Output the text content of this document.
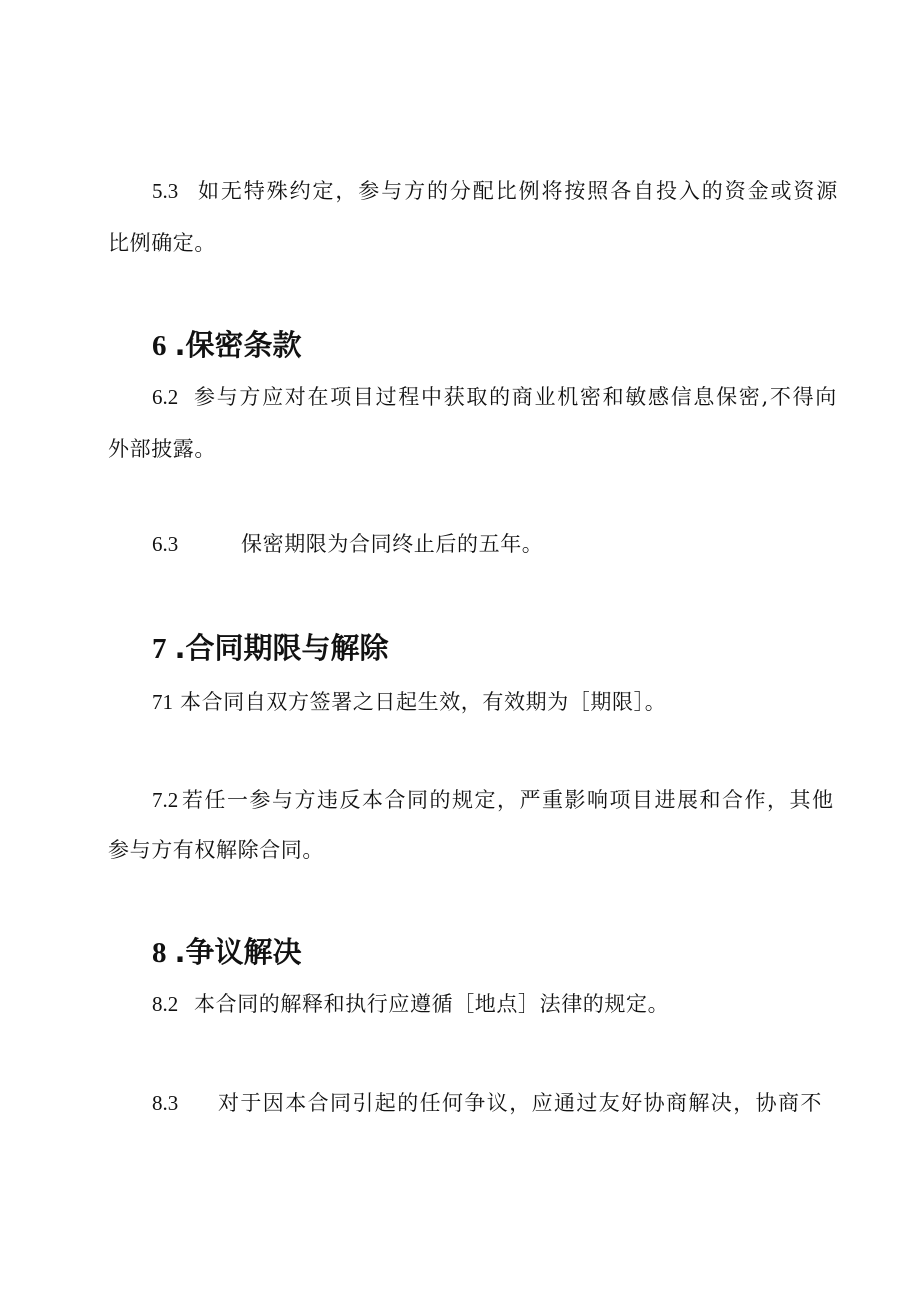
5.3 如无特殊约定，参与方的分配比例将按照各自投入的资金或资源
比例确定。
6 .保密条款
6.2 参与方应对在项目过程中获取的商业机密和敏感信息保密,不得向
外部披露。
6.3	保密期限为合同终止后的五年。
7 .合同期限与解除
71 本合同自双方签署之日起生效，有效期为［期限］。
7.2 若任一参与方违反本合同的规定，严重影响项目进展和合作，其他
参与方有权解除合同。
8 .争议解决
8.2 本合同的解释和执行应遵循［地点］法律的规定。
8.3 对于因本合同引起的任何争议，应通过友好协商解决，协商不
